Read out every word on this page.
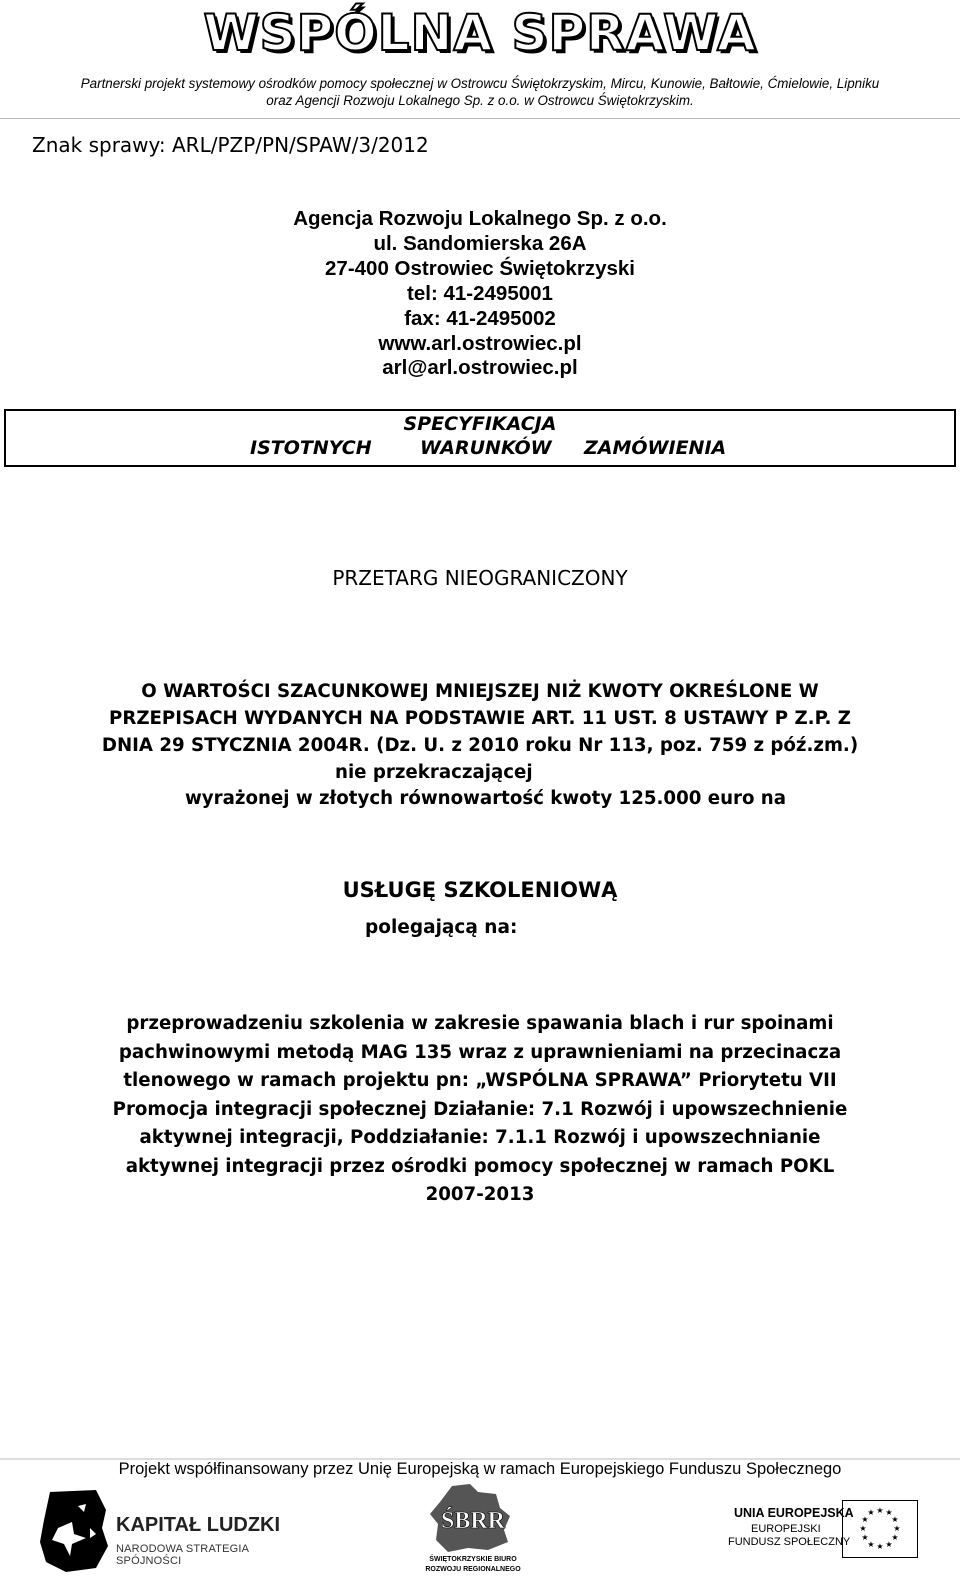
WSPÓLNA SPRAWA
Partnerski projekt systemowy ośrodków pomocy społecznej w Ostrowcu Świętokrzyskim, Mircu, Kunowie, Bałtowie, Ćmielowie, Lipniku
oraz Agencji Rozwoju Lokalnego Sp. z o.o. w Ostrowcu Świętokrzyskim.
Znak sprawy: ARL/PZP/PN/SPAW/3/2012
Agencja Rozwoju Lokalnego Sp. z o.o.
ul. Sandomierska 26A
27-400 Ostrowiec Świętokrzyski
tel: 41-2495001
fax: 41-2495002
www.arl.ostrowiec.pl
arl@arl.ostrowiec.pl
SPECYFIKACJA
ISTOTNYCH	WARUNKÓW ZAMÓWIENIA
PRZETARG NIEOGRANICZONY
O WARTOŚCI SZACUNKOWEJ MNIEJSZEJ NIŻ KWOTY OKREŚLONE W
PRZEPISACH WYDANYCH NA PODSTAWIE ART. 11 UST. 8 USTAWY P Z.P. Z
DNIA 29 STYCZNIA 2004R. (Dz. U. z 2010 roku Nr 113, poz. 759 z póź.zm.)
nie przekraczającej
wyrażonej w złotych równowartość kwoty 125.000 euro na
USŁUGĘ SZKOLENIOWĄ
polegającą na:
przeprowadzeniu szkolenia w zakresie spawania blach i rur spoinami
pachwinowymi metodą MAG 135 wraz z uprawnieniami na przecinacza
tlenowego w ramach projektu pn: „WSPÓLNA SPRAWA” Priorytetu VII
Promocja integracji społecznej Działanie: 7.1 Rozwój i upowszechnienie
aktywnej integracji, Poddziałanie: 7.1.1 Rozwój i upowszechnianie
aktywnej integracji przez ośrodki pomocy społecznej w ramach POKL
2007-2013
Projekt współfinansowany przez Unię Europejską w ramach Europejskiego Funduszu Społecznego
KAPITAŁ LUDZKI
NARODOWA STRATEGIA SPÓJNOŚCI
ŚBRR
ŚWIĘTOKRZYSKIE BIURO
ROZWOJU REGIONALNEGO
UNIA EUROPEJSKA
EUROPEJSKI
FUNDUSZ SPOŁECZNY
★ ★
★
★
★
★
★
★
★
★
★
★
